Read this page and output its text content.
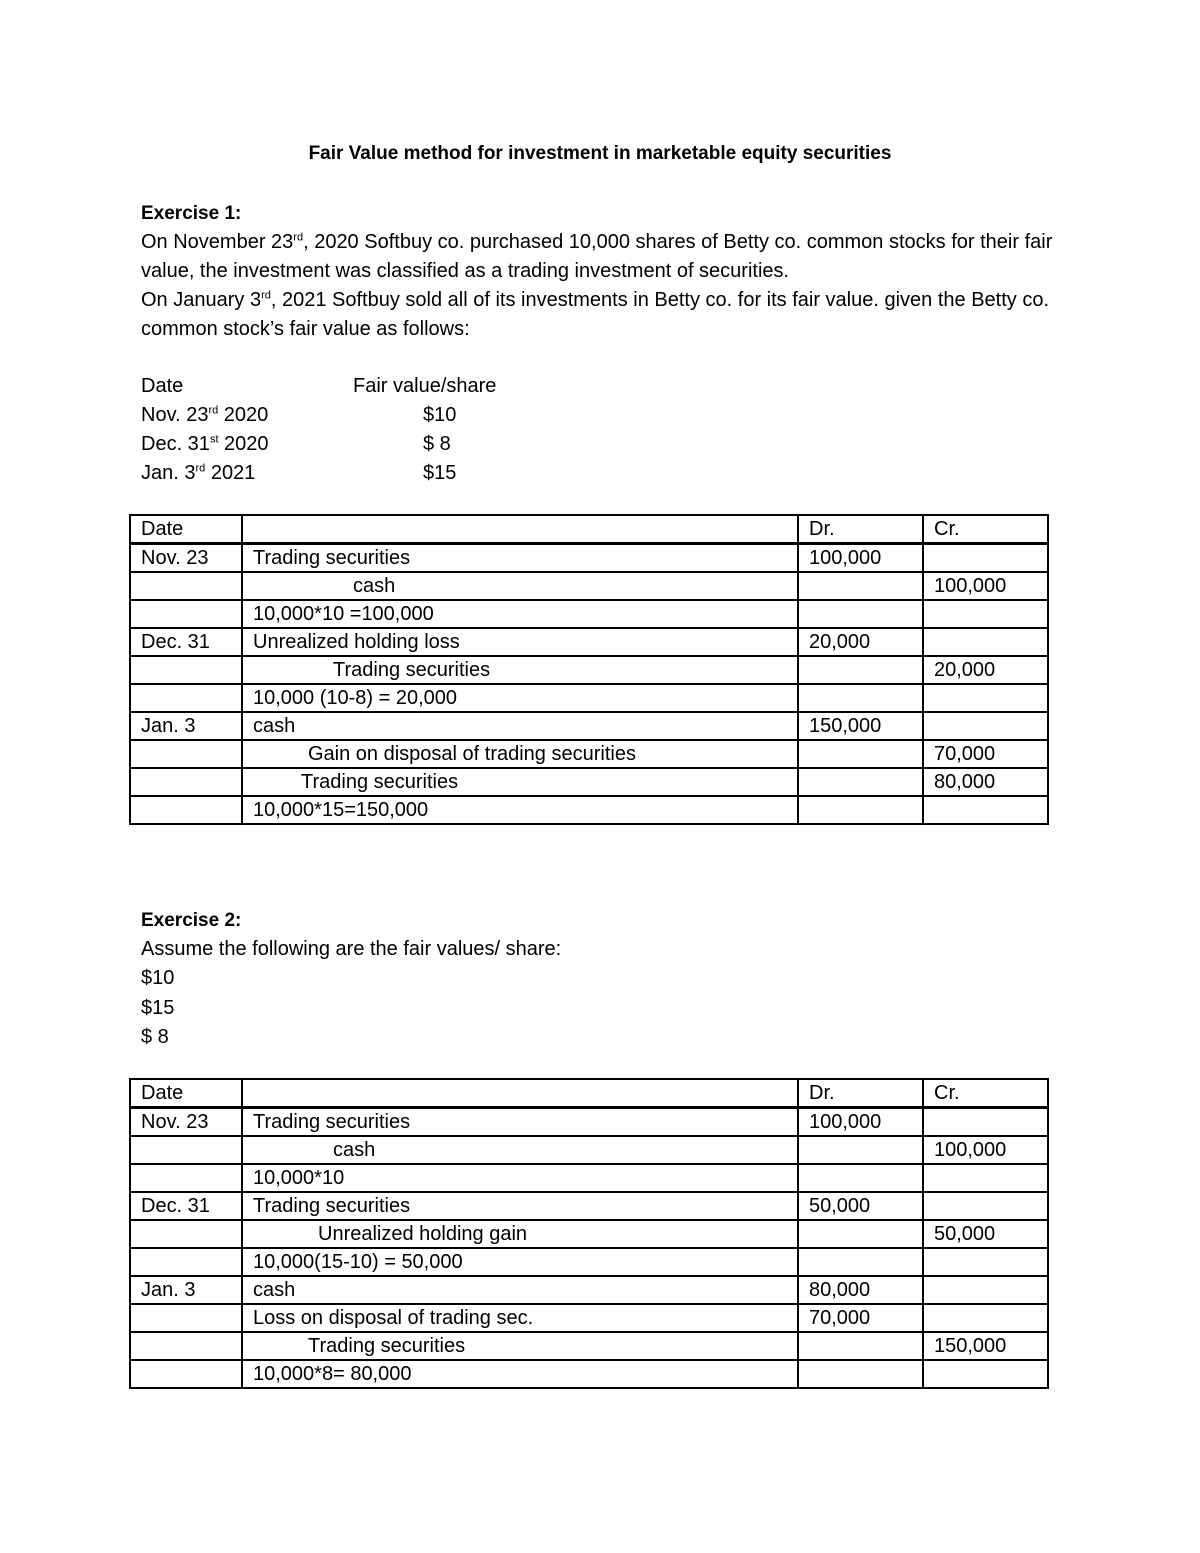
Fair Value method for investment in marketable equity securities
Exercise 1:

On November 23rd, 2020 Softbuy co. purchased 10,000 shares of Betty co. common stocks for their fair value, the investment was classified as a trading investment of securities.

On January 3rd, 2021 Softbuy sold all of its investments in Betty co. for its fair value. given the Betty co. common stock’s fair value as follows:

Date	Fair value/share
Nov. 23rd 2020	$10
Dec. 31st 2020	$ 8
Jan. 3rd 2021	$15
Date		Dr.	Cr.
Nov. 23	Trading securities	100,000	
	cash		100,000
	10,000*10 =100,000		
Dec. 31	Unrealized holding loss	20,000	
	Trading securities		20,000
	10,000 (10-8) = 20,000		
Jan. 3	cash	150,000	
	Gain on disposal of trading securities		70,000
	Trading securities		80,000
	10,000*15=150,000		
Exercise 2:
Assume the following are the fair values/ share:
$10
$15
$ 8
Date		Dr.	Cr.
Nov. 23	Trading securities	100,000	
	cash		100,000
	10,000*10		
Dec. 31	Trading securities	50,000	
	Unrealized holding gain		50,000
	10,000(15-10) = 50,000		
Jan. 3	cash	80,000	
	Loss on disposal of trading sec.	70,000	
	Trading securities		150,000
	10,000*8= 80,000		
